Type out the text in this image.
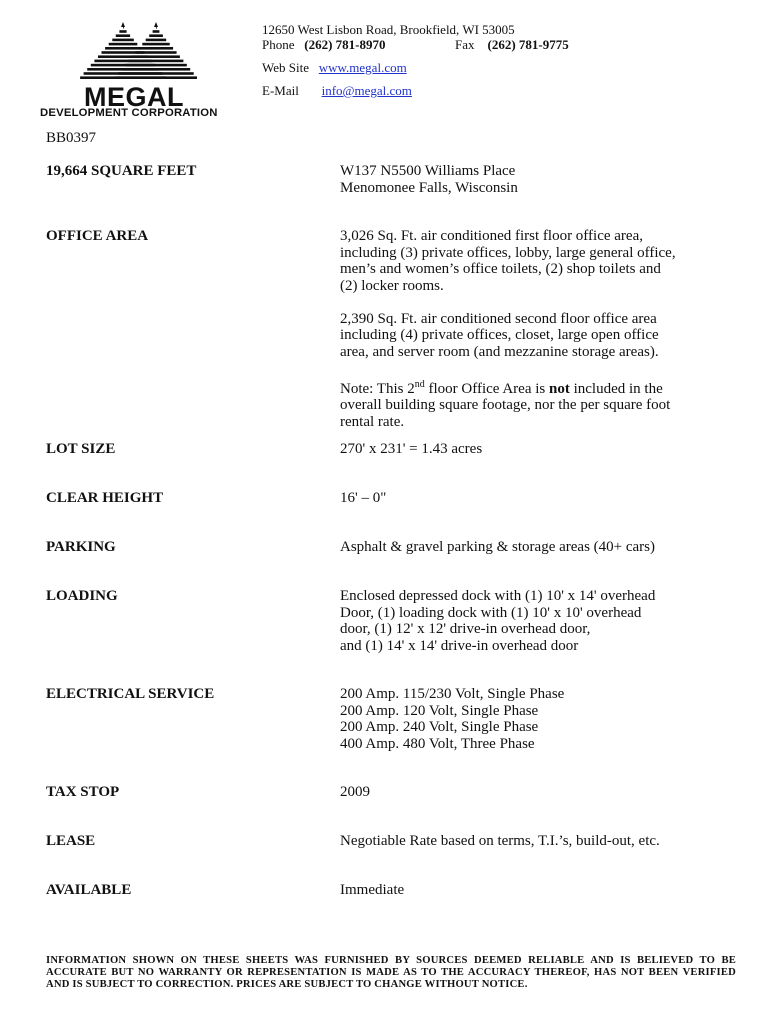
MEGAL
DEVELOPMENT CORPORATION
12650 West Lisbon Road, Brookfield, WI 53005
Phone (262) 781-8970	Fax (262) 781-9775
Web Site www.megal.com
E-Mail info@megal.com
BB0397
19,664 SQUARE FEET	W137 N5500 Williams Place

Menomonee Falls, Wisconsin

OFFICE AREA	3,026 Sq. Ft. air conditioned first floor office area,

including (3) private offices, lobby, large general office,

men’s and women’s office toilets, (2) shop toilets and

(2) locker rooms.

2,390 Sq. Ft. air conditioned second floor office area

including (4) private offices, closet, large open office

area, and server room (and mezzanine storage areas).

Note: This 2nd floor Office Area is not included in the

overall building square footage, nor the per square foot

rental rate.

LOT SIZE	270' x 231' = 1.43 acres
CLEAR HEIGHT	16' – 0"
PARKING	Asphalt & gravel parking & storage areas (40+ cars)
LOADING	Enclosed depressed dock with (1) 10' x 14' overhead

Door, (1) loading dock with (1) 10' x 10' overhead

door, (1) 12' x 12' drive-in overhead door,

and (1) 14' x 14' drive-in overhead door

ELECTRICAL SERVICE	200 Amp. 115/230 Volt, Single Phase

200 Amp. 120 Volt, Single Phase

200 Amp. 240 Volt, Single Phase

400 Amp. 480 Volt, Three Phase

TAX STOP	2009
LEASE	Negotiable Rate based on terms, T.I.’s, build-out, etc.
AVAILABLE	Immediate
INFORMATION SHOWN ON THESE SHEETS WAS FURNISHED BY SOURCES DEEMED RELIABLE AND IS BELIEVED TO BE ACCURATE BUT NO WARRANTY OR REPRESENTATION IS MADE AS TO THE ACCURACY THEREOF, HAS NOT BEEN VERIFIED AND IS SUBJECT TO CORRECTION. PRICES ARE SUBJECT TO CHANGE WITHOUT NOTICE.
